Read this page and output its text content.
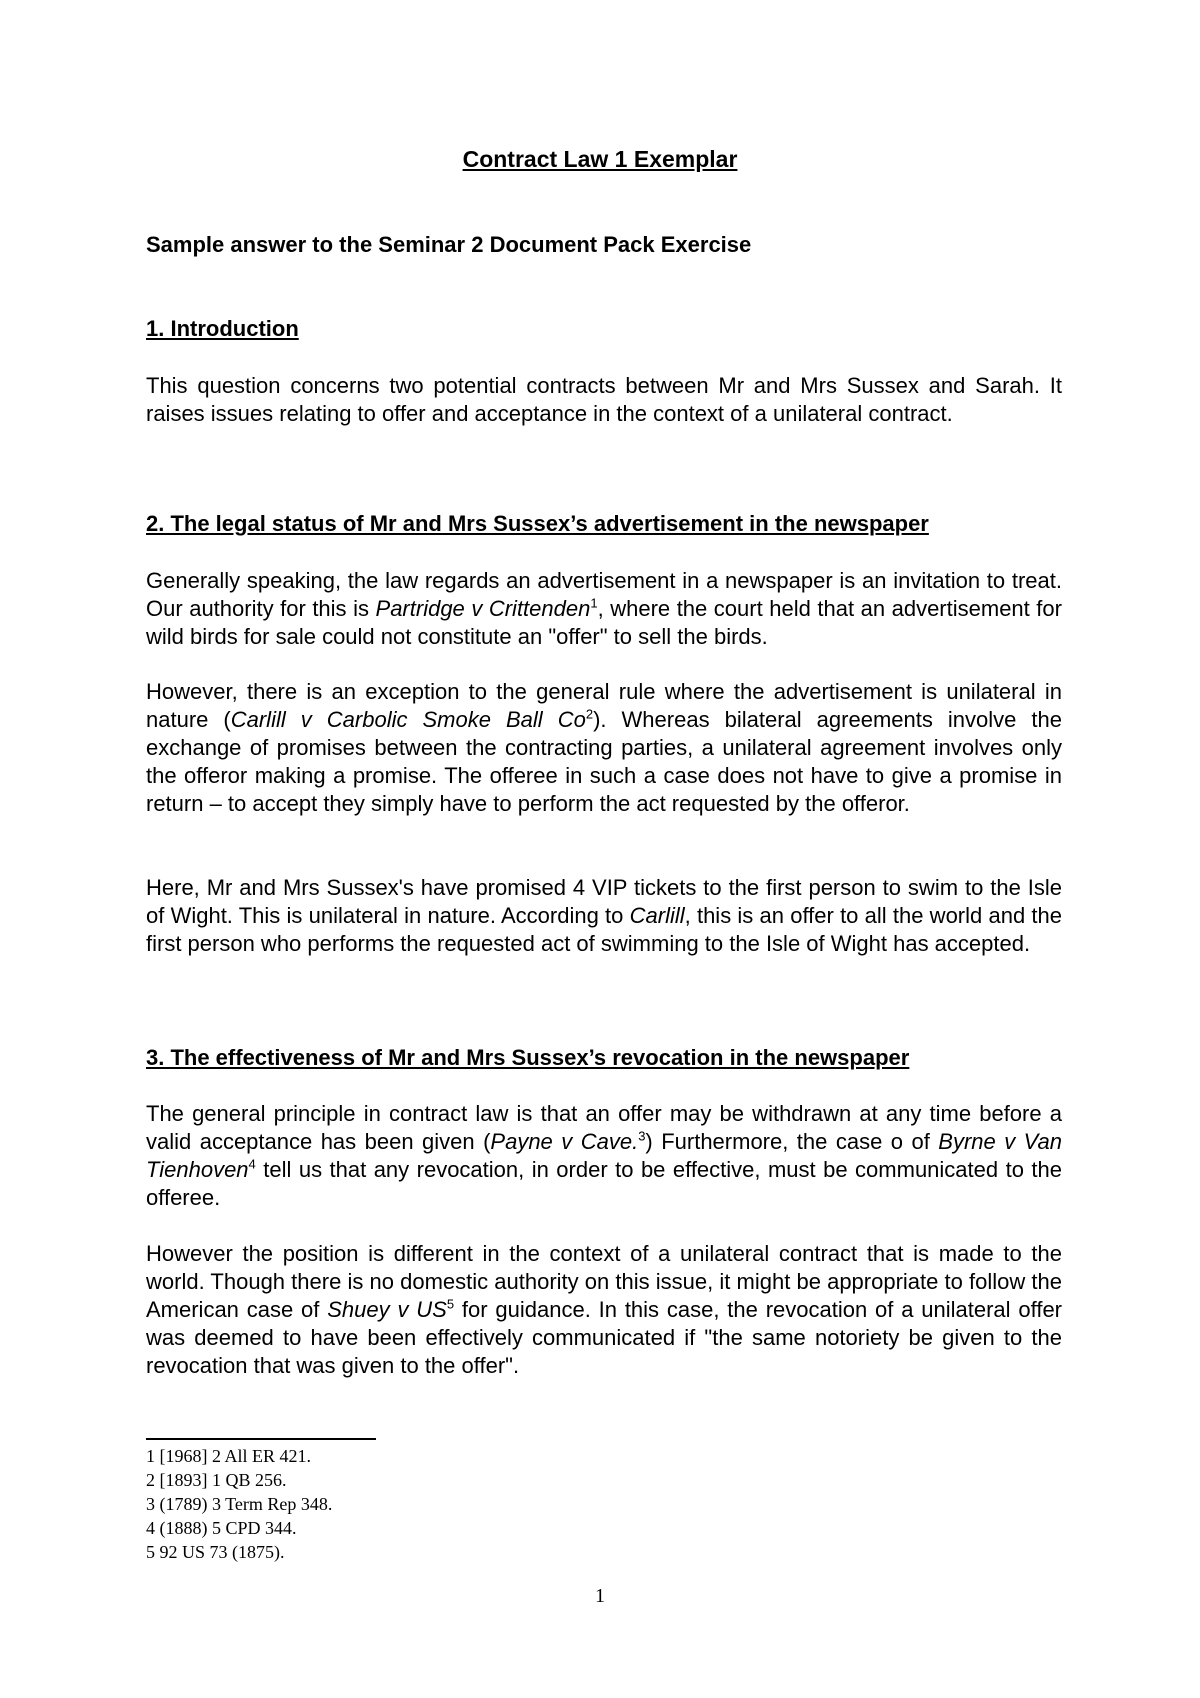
Contract Law 1 Exemplar
Sample answer to the Seminar 2 Document Pack Exercise
1. Introduction

This question concerns two potential contracts between Mr and Mrs Sussex and Sarah. It raises issues relating to offer and acceptance in the context of a unilateral contract.

2. The legal status of Mr and Mrs Sussex’s advertisement in the newspaper

Generally speaking, the law regards an advertisement in a newspaper is an invitation to treat. Our authority for this is Partridge v Crittenden$^1$, where the court held that an advertisement for wild birds for sale could not constitute an "offer" to sell the birds.

However, there is an exception to the general rule where the advertisement is unilateral in nature (Carlill v Carbolic Smoke Ball Co$^2$). Whereas bilateral agreements involve the exchange of promises between the contracting parties, a unilateral agreement involves only the offeror making a promise. The offeree in such a case does not have to give a promise in return – to accept they simply have to perform the act requested by the offeror.

Here, Mr and Mrs Sussex's have promised 4 VIP tickets to the first person to swim to the Isle of Wight. This is unilateral in nature. According to Carlill, this is an offer to all the world and the first person who performs the requested act of swimming to the Isle of Wight has accepted.

3. The effectiveness of Mr and Mrs Sussex’s revocation in the newspaper

The general principle in contract law is that an offer may be withdrawn at any time before a valid acceptance has been given (Payne v Cave.$^3$) Furthermore, the case o of Byrne v Van Tienhoven$^4$ tell us that any revocation, in order to be effective, must be communicated to the offeree.

However the position is different in the context of a unilateral contract that is made to the world. Though there is no domestic authority on this issue, it might be appropriate to follow the American case of Shuey v $US^5$ for guidance. In this case, the revocation of a unilateral offer was deemed to have been effectively communicated if "the same notoriety be given to the revocation that was given to the offer".

1 [1968] 2 All ER 421.
2 [1893] 1 QB 256.
3 (1789) 3 Term Rep 348.
4 (1888) 5 CPD 344.
5 92 US 73 (1875).
1
